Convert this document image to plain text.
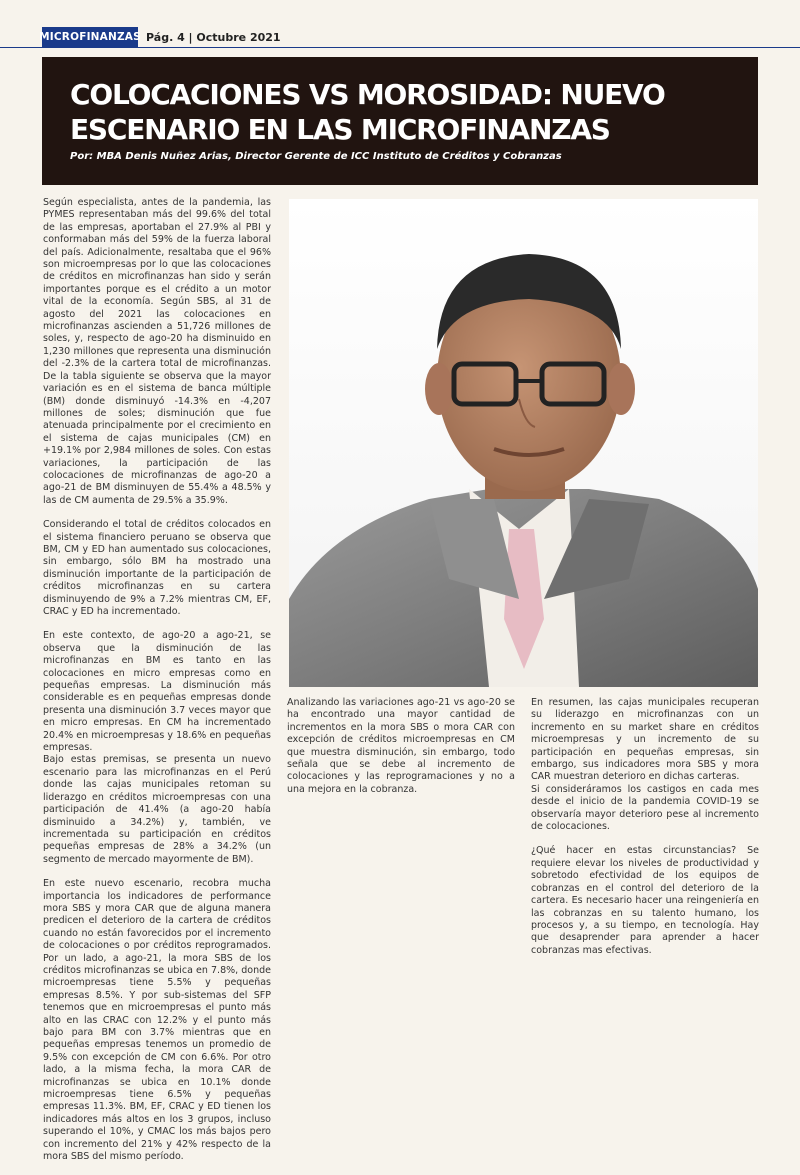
MICROFINANZAS Pág. 4 | Octubre 2021
COLOCACIONES VS MOROSIDAD: NUEVO ESCENARIO EN LAS MICROFINANZAS

Por: MBA Denis Nuñez Arias, Director Gerente de ICC Instituto de Créditos y Cobranzas

Según especialista, antes de la pandemia, las PYMES representaban más del 99.6% del total de las empresas, aportaban el 27.9% al PBI y conformaban más del 59% de la fuerza laboral del país. Adicionalmente, resaltaba que el 96% son microempresas por lo que las colocaciones de créditos en microfinanzas han sido y serán importantes porque es el crédito a un motor vital de la economía. Según SBS, al 31 de agosto del 2021 las colocaciones en microfinanzas ascienden a 51,726 millones de soles, y, respecto de ago-20 ha disminuido en 1,230 millones que representa una disminución del -2.3% de la cartera total de microfinanzas. De la tabla siguiente se observa que la mayor variación es en el sistema de banca múltiple (BM) donde disminuyó -14.3% en -4,207 millones de soles; disminución que fue atenuada principalmente por el crecimiento en el sistema de cajas municipales (CM) en +19.1% por 2,984 millones de soles. Con estas variaciones, la participación de las colocaciones de microfinanzas de ago-20 a ago-21 de BM disminuyen de 55.4% a 48.5% y las de CM aumenta de 29.5% a 35.9%.

Considerando el total de créditos colocados en el sistema financiero peruano se observa que BM, CM y ED han aumentado sus colocaciones, sin embargo, sólo BM ha mostrado una disminución importante de la participación de créditos microfinanzas en su cartera disminuyendo de 9% a 7.2% mientras CM, EF, CRAC y ED ha incrementado.

En este contexto, de ago-20 a ago-21, se observa que la disminución de las microfinanzas en BM es tanto en las colocaciones en micro empresas como en pequeñas empresas. La disminución más considerable es en pequeñas empresas donde presenta una disminución 3.7 veces mayor que en micro empresas. En CM ha incrementado 20.4% en microempresas y 18.6% en pequeñas empresas.

Bajo estas premisas, se presenta un nuevo escenario para las microfinanzas en el Perú donde las cajas municipales retoman su liderazgo en créditos microempresas con una participación de 41.4% (a ago-20 había disminuido a 34.2%) y, también, ve incrementada su participación en créditos pequeñas empresas de 28% a 34.2% (un segmento de mercado mayormente de BM).

En este nuevo escenario, recobra mucha importancia los indicadores de performance mora SBS y mora CAR que de alguna manera predicen el deterioro de la cartera de créditos cuando no están favorecidos por el incremento de colocaciones o por créditos reprogramados. Por un lado, a ago-21, la mora SBS de los créditos microfinanzas se ubica en 7.8%, donde microempresas tiene 5.5% y pequeñas empresas 8.5%. Y por sub-sistemas del SFP tenemos que en microempresas el punto más alto en las CRAC con 12.2% y el punto más bajo para BM con 3.7% mientras que en pequeñas empresas tenemos un promedio de 9.5% con excepción de CM con 6.6%. Por otro lado, a la misma fecha, la mora CAR de microfinanzas se ubica en 10.1% donde microempresas tiene 6.5% y pequeñas empresas 11.3%. BM, EF, CRAC y ED tienen los indicadores más altos en los 3 grupos, incluso superando el 10%, y CMAC los más bajos pero con incremento del 21% y 42% respecto de la mora SBS del mismo período.

Analizando las variaciones ago-21 vs ago-20 se ha encontrado una mayor cantidad de incrementos en la mora SBS o mora CAR con excepción de créditos microempresas en CM que muestra disminución, sin embargo, todo señala que se debe al incremento de colocaciones y las reprogramaciones y no a una mejora en la cobranza.

En resumen, las cajas municipales recuperan su liderazgo en microfinanzas con un incremento en su market share en créditos microempresas y un incremento de su participación en pequeñas empresas, sin embargo, sus indicadores mora SBS y mora CAR muestran deterioro en dichas carteras.

Si consideráramos los castigos en cada mes desde el inicio de la pandemia COVID-19 se observaría mayor deterioro pese al incremento de colocaciones.

¿Qué hacer en estas circunstancias? Se requiere elevar los niveles de productividad y sobretodo efectividad de los equipos de cobranzas en el control del deterioro de la cartera. Es necesario hacer una reingeniería en las cobranzas en su talento humano, los procesos y, a su tiempo, en tecnología. Hay que desaprender para aprender a hacer cobranzas mas efectivas.
